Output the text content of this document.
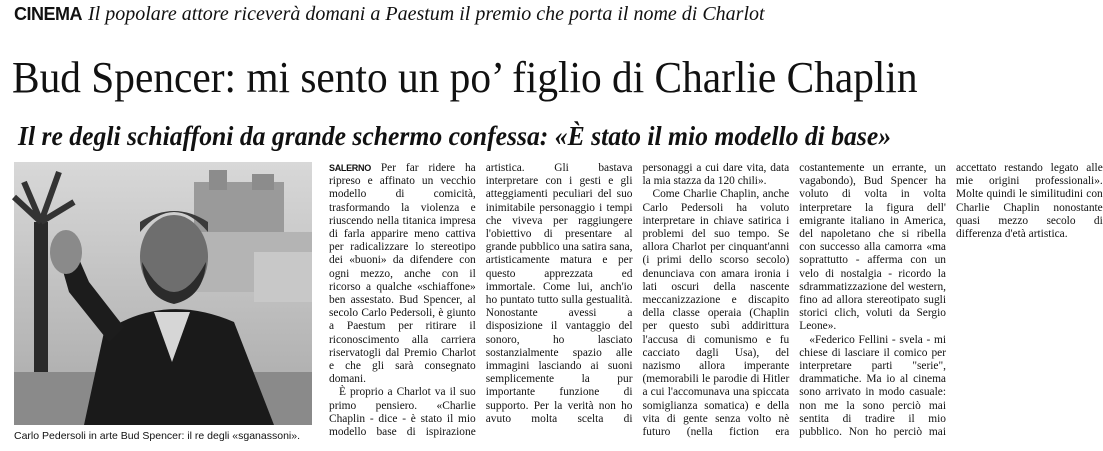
CINEMA Il popolare attore riceverà domani a Paestum il premio che porta il nome di Charlot
Bud Spencer: mi sento un po’ figlio di Charlie Chaplin
Il re degli schiaffoni da grande schermo confessa: «È stato il mio modello di base»
Carlo Pedersoli in arte Bud Spencer: il re degli «sganassoni».

SALERNO Per far ridere ha ripreso e affinato un vecchio modello di comicità, trasformando la violenza e riuscendo nella titanica impresa di farla apparire meno cattiva per radicalizzare lo stereotipo dei «buoni» da difendere con ogni mezzo, anche con il ricorso a qualche «schiaffone» ben assestato. Bud Spencer, al secolo Carlo Pedersoli, è giunto a Paestum per ritirare il riconoscimento alla carriera riservatogli dal Premio Charlot e che gli sarà consegnato domani.

È proprio a Charlot va il suo primo pensiero. «Charlie Chaplin - dice - è stato il mio modello base di ispirazione artistica. Gli bastava interpretare con i gesti e gli atteggiamenti peculiari del suo inimitabile personaggio i tempi che viveva per raggiungere l'obiettivo di presentare al grande pubblico una satira sana, artisticamente matura e per questo apprezzata ed immortale. Come lui, anch'io ho puntato tutto sulla gestualità. Nonostante avessi a disposizione il vantaggio del sonoro, ho lasciato sostanzialmente spazio alle immagini lasciando ai suoni semplicemente la pur importante funzione di supporto. Per la verità non ho avuto molta scelta di personaggi a cui dare vita, data la mia stazza da 120 chili».

Come Charlie Chaplin, anche Carlo Pedersoli ha voluto interpretare in chiave satirica i problemi del suo tempo. Se allora Charlot per cinquant'anni (i primi dello scorso secolo) denunciava con amara ironia i lati oscuri della nascente meccanizzazione e discapito della classe operaia (Chaplin per questo subì addirittura l'accusa di comunismo e fu cacciato dagli Usa), del nazismo allora imperante (memorabili le parodie di Hitler a cui l'accomunava una spiccata somiglianza somatica) e della vita di gente senza volto nè futuro (nella fiction era costantemente un errante, un vagabondo), Bud Spencer ha voluto di volta in volta interpretare la figura dell' emigrante italiano in America, del napoletano che si ribella con successo alla camorra «ma soprattutto - afferma con un velo di nostalgia - ricordo la sdrammatizzazione del western, fino ad allora stereotipato sugli storici clich, voluti da Sergio Leone».

«Federico Fellini - svela - mi chiese di lasciare il comico per interpretare parti "serie", drammatiche. Ma io al cinema sono arrivato in modo casuale: non me la sono perciò mai sentita di tradire il mio pubblico. Non ho perciò mai accettato restando legato alle mie origini professionali». Molte quindi le similitudini con Charlie Chaplin nonostante quasi mezzo secolo di differenza d'età artistica.
